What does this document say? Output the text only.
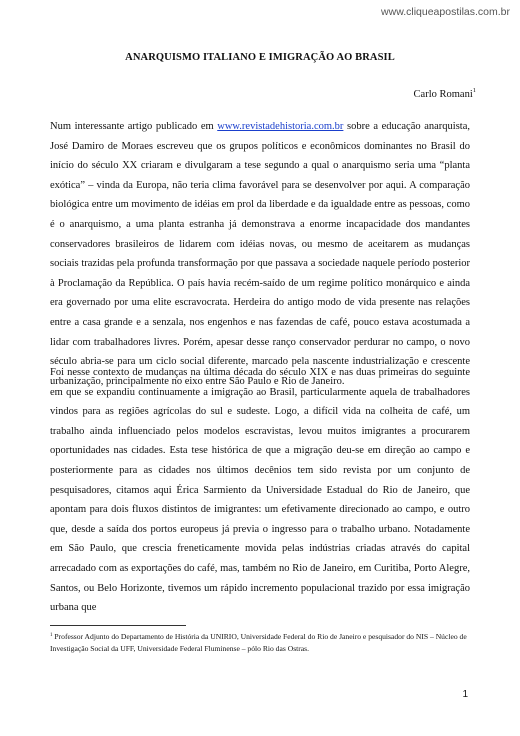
www.cliqueapostilas.com.br
ANARQUISMO ITALIANO E IMIGRAÇÃO AO BRASIL
Carlo Romani$^1$

Num interessante artigo publicado em www.revistadehistoria.com.br sobre a educação anarquista, José Damiro de Moraes escreveu que os grupos políticos e econômicos dominantes no Brasil do início do século XX criaram e divulgaram a tese segundo a qual o anarquismo seria uma “planta exótica” – vinda da Europa, não teria clima favorável para se desenvolver por aqui. A comparação biológica entre um movimento de idéias em prol da liberdade e da igualdade entre as pessoas, como é o anarquismo, a uma planta estranha já demonstrava a enorme incapacidade dos mandantes conservadores brasileiros de lidarem com idéias novas, ou mesmo de aceitarem as mudanças sociais trazidas pela profunda transformação por que passava a sociedade naquele período posterior à Proclamação da República. O país havia recém-saído de um regime político monárquico e ainda era governado por uma elite escravocrata. Herdeira do antigo modo de vida presente nas relações entre a casa grande e a senzala, nos engenhos e nas fazendas de café, pouco estava acostumada a lidar com trabalhadores livres. Porém, apesar desse ranço conservador perdurar no campo, o novo século abria-se para um ciclo social diferente, marcado pela nascente industrialização e crescente urbanização, principalmente no eixo entre São Paulo e Rio de Janeiro.

Foi nesse contexto de mudanças na última década do século XIX e nas duas primeiras do seguinte em que se expandiu continuamente a imigração ao Brasil, particularmente aquela de trabalhadores vindos para as regiões agrícolas do sul e sudeste. Logo, a difícil vida na colheita de café, um trabalho ainda influenciado pelos modelos escravistas, levou muitos imigrantes a procurarem oportunidades nas cidades. Esta tese histórica de que a migração deu-se em direção ao campo e posteriormente para as cidades nos últimos decênios tem sido revista por um conjunto de pesquisadores, citamos aqui Érica Sarmiento da Universidade Estadual do Rio de Janeiro, que apontam para dois fluxos distintos de imigrantes: um efetivamente direcionado ao campo, e outro que, desde a saída dos portos europeus já previa o ingresso para o trabalho urbano. Notadamente em São Paulo, que crescia freneticamente movida pelas indústrias criadas através do capital arrecadado com as exportações do café, mas, também no Rio de Janeiro, em Curitiba, Porto Alegre, Santos, ou Belo Horizonte, tivemos um rápido incremento populacional trazido por essa imigração urbana que

$^1$ Professor Adjunto do Departamento de História da UNIRIO, Universidade Federal do Rio de Janeiro e pesquisador do NIS – Núcleo de Investigação Social da UFF, Universidade Federal Fluminense – pólo Rio das Ostras.

1
